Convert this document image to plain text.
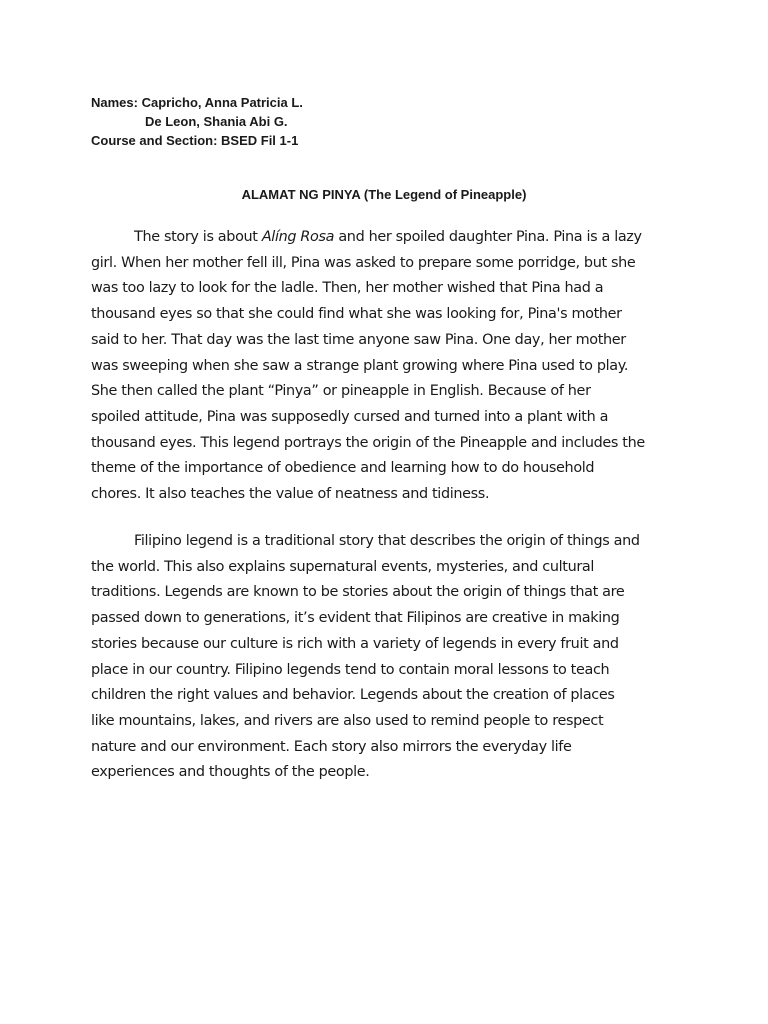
Names: Capricho, Anna Patricia L.
De Leon, Shania Abi G.
Course and Section: BSED Fil 1-1
ALAMAT NG PINYA (The Legend of Pineapple)
The story is about Alíng Rosa and her spoiled daughter Pina. Pina is a lazy
girl. When her mother fell ill, Pina was asked to prepare some porridge, but she
was too lazy to look for the ladle. Then, her mother wished that Pina had a
thousand eyes so that she could find what she was looking for, Pina's mother
said to her. That day was the last time anyone saw Pina. One day, her mother
was sweeping when she saw a strange plant growing where Pina used to play.
She then called the plant “Pinya” or pineapple in English. Because of her
spoiled attitude, Pina was supposedly cursed and turned into a plant with a
thousand eyes. This legend portrays the origin of the Pineapple and includes the
theme of the importance of obedience and learning how to do household
chores. It also teaches the value of neatness and tidiness.
Filipino legend is a traditional story that describes the origin of things and
the world. This also explains supernatural events, mysteries, and cultural
traditions. Legends are known to be stories about the origin of things that are
passed down to generations, it’s evident that Filipinos are creative in making
stories because our culture is rich with a variety of legends in every fruit and
place in our country. Filipino legends tend to contain moral lessons to teach
children the right values and behavior. Legends about the creation of places
like mountains, lakes, and rivers are also used to remind people to respect
nature and our environment. Each story also mirrors the everyday life
experiences and thoughts of the people.
